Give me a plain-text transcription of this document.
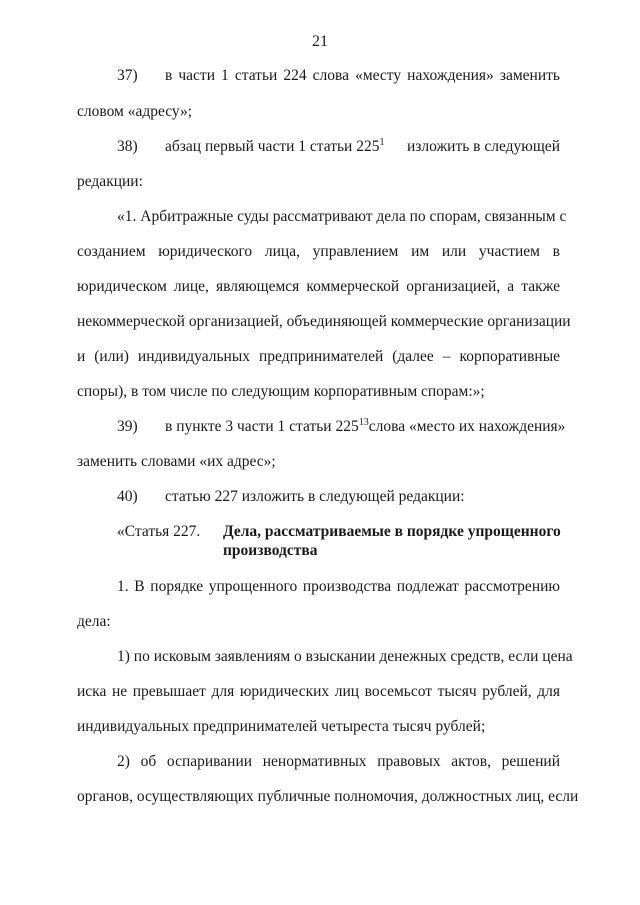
21
37) в части 1 статьи 224 слова «месту нахождения» заменить
словом «адресу»;
38) абзац первый части 1 статьи $225^1$ изложить в следующей
редакции:
«1. Арбитражные суды рассматривают дела по спорам, связанным с
созданием юридического лица, управлением им или участием в
юридическом лице, являющемся коммерческой организацией, а также
некоммерческой организацией, объединяющей коммерческие организации
и (или) индивидуальных предпринимателей (далее – корпоративные
споры), в том числе по следующим корпоративным спорам:»;
39) в пункте 3 части 1 статьи $225^{13}$ слова «место их нахождения»
заменить словами «их адрес»;
40) статью 227 изложить в следующей редакции:
«Статья 227. Дела, рассматриваемые в порядке упрощенного
производства
1. В порядке упрощенного производства подлежат рассмотрению
дела:
1) по исковым заявлениям о взыскании денежных средств, если цена
иска не превышает для юридических лиц восемьсот тысяч рублей, для
индивидуальных предпринимателей четыреста тысяч рублей;
2) об оспаривании ненормативных правовых актов, решений
органов, осуществляющих публичные полномочия, должностных лиц, если
